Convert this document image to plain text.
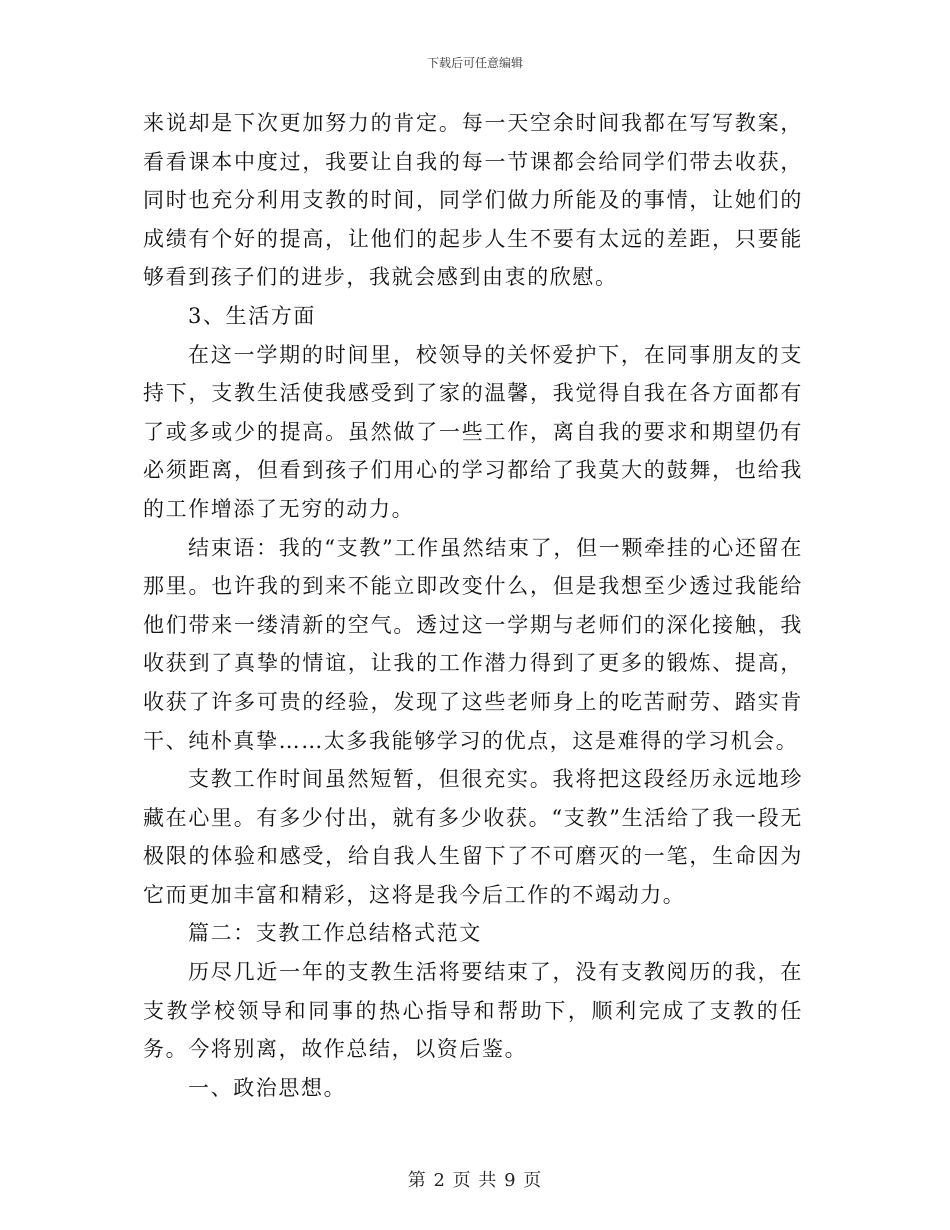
下载后可任意编辑

来说却是下次更加努力的肯定。每一天空余时间我都在写写教案，看看课本中度过，我要让自我的每一节课都会给同学们带去收获，同时也充分利用支教的时间，同学们做力所能及的事情，让她们的成绩有个好的提高，让他们的起步人生不要有太远的差距，只要能够看到孩子们的进步，我就会感到由衷的欣慰。

3、生活方面

在这一学期的时间里，校领导的关怀爱护下，在同事朋友的支持下，支教生活使我感受到了家的温馨，我觉得自我在各方面都有了或多或少的提高。虽然做了一些工作，离自我的要求和期望仍有必须距离，但看到孩子们用心的学习都给了我莫大的鼓舞，也给我的工作增添了无穷的动力。

结束语：我的“支教”工作虽然结束了，但一颗牵挂的心还留在那里。也许我的到来不能立即改变什么，但是我想至少透过我能给他们带来一缕清新的空气。透过这一学期与老师们的深化接触，我收获到了真挚的情谊，让我的工作潜力得到了更多的锻炼、提高，收获了许多可贵的经验，发现了这些老师身上的吃苦耐劳、踏实肯干、纯朴真挚……太多我能够学习的优点，这是难得的学习机会。

支教工作时间虽然短暂，但很充实。我将把这段经历永远地珍藏在心里。有多少付出，就有多少收获。“支教”生活给了我一段无极限的体验和感受，给自我人生留下了不可磨灭的一笔，生命因为它而更加丰富和精彩，这将是我今后工作的不竭动力。

篇二：支教工作总结格式范文

历尽几近一年的支教生活将要结束了，没有支教阅历的我，在支教学校领导和同事的热心指导和帮助下，顺利完成了支教的任务。今将别离，故作总结，以资后鉴。

一、政治思想。

第 2 页 共 9 页
